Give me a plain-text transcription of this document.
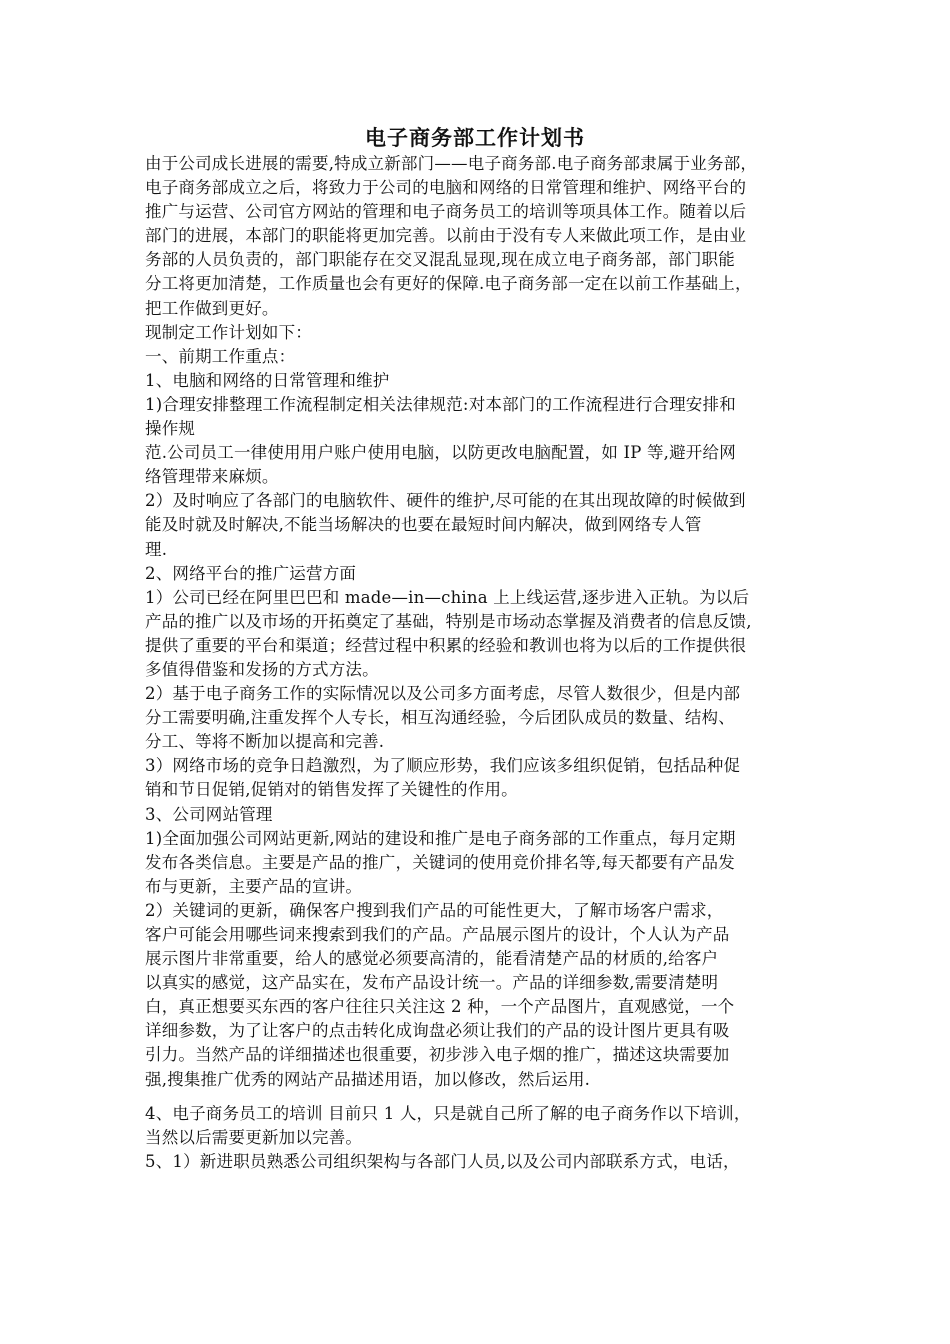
电子商务部工作计划书
由于公司成长进展的需要,特成立新部门——电子商务部.电子商务部隶属于业务部，
电子商务部成立之后，将致力于公司的电脑和网络的日常管理和维护、网络平台的
推广与运营、公司官方网站的管理和电子商务员工的培训等项具体工作。随着以后
部门的进展，本部门的职能将更加完善。以前由于没有专人来做此项工作，是由业
务部的人员负责的，部门职能存在交叉混乱显现,现在成立电子商务部，部门职能
分工将更加清楚，工作质量也会有更好的保障.电子商务部一定在以前工作基础上，
把工作做到更好。
现制定工作计划如下：
一、前期工作重点：
1、电脑和网络的日常管理和维护
1)合理安排整理工作流程制定相关法律规范:对本部门的工作流程进行合理安排和
操作规
范.公司员工一律使用用户账户使用电脑，以防更改电脑配置，如 IP 等,避开给网
络管理带来麻烦。
2）及时响应了各部门的电脑软件、硬件的维护,尽可能的在其出现故障的时候做到
能及时就及时解决,不能当场解决的也要在最短时间内解决，做到网络专人管
理.
2、网络平台的推广运营方面
1）公司已经在阿里巴巴和 made—in—china 上上线运营,逐步进入正轨。为以后
产品的推广以及市场的开拓奠定了基础，特别是市场动态掌握及消费者的信息反馈,
提供了重要的平台和渠道；经营过程中积累的经验和教训也将为以后的工作提供很
多值得借鉴和发扬的方式方法。
2）基于电子商务工作的实际情况以及公司多方面考虑，尽管人数很少，但是内部
分工需要明确,注重发挥个人专长，相互沟通经验，今后团队成员的数量、结构、
分工、等将不断加以提高和完善.
3）网络市场的竞争日趋激烈，为了顺应形势，我们应该多组织促销，包括品种促
销和节日促销,促销对的销售发挥了关键性的作用。
3、公司网站管理
1)全面加强公司网站更新,网站的建设和推广是电子商务部的工作重点，每月定期
发布各类信息。主要是产品的推广，关键词的使用竞价排名等,每天都要有产品发
布与更新，主要产品的宣讲。
2）关键词的更新，确保客户搜到我们产品的可能性更大，了解市场客户需求，
客户可能会用哪些词来搜索到我们的产品。产品展示图片的设计，个人认为产品
展示图片非常重要，给人的感觉必须要高清的，能看清楚产品的材质的,给客户
以真实的感觉，这产品实在，发布产品设计统一。产品的详细参数,需要清楚明
白，真正想要买东西的客户往往只关注这 2 种，一个产品图片，直观感觉，一个
详细参数，为了让客户的点击转化成询盘必须让我们的产品的设计图片更具有吸
引力。当然产品的详细描述也很重要，初步涉入电子烟的推广，描述这块需要加
强,搜集推广优秀的网站产品描述用语，加以修改，然后运用.
4、电子商务员工的培训 目前只 1 人，只是就自己所了解的电子商务作以下培训，
当然以后需要更新加以完善。
5、1）新进职员熟悉公司组织架构与各部门人员,以及公司内部联系方式，电话，
